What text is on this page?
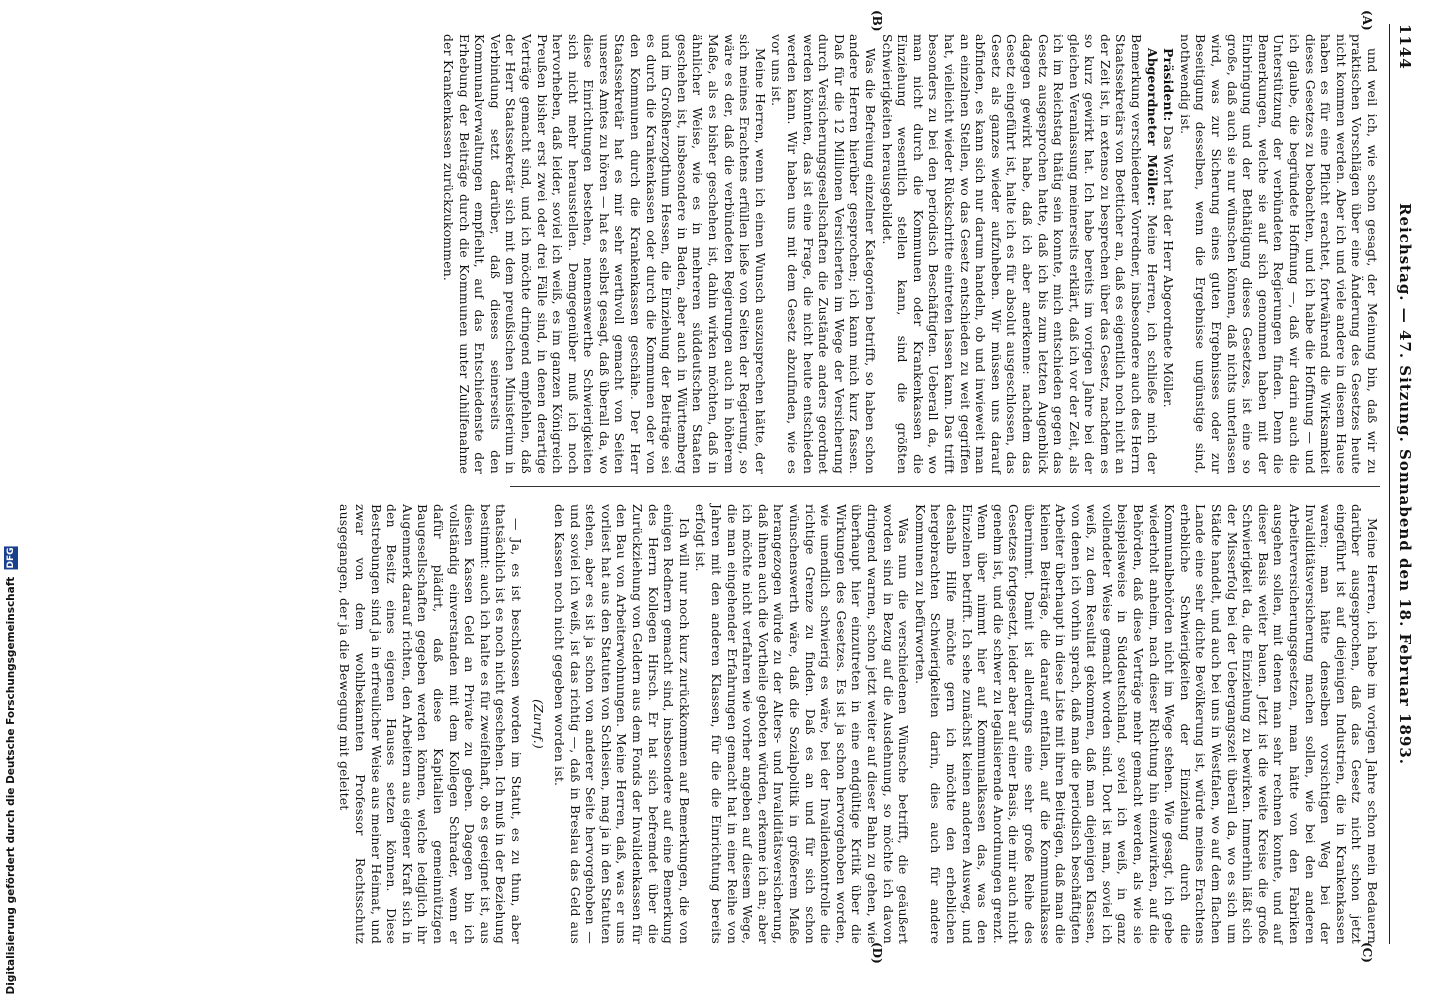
1144
Reichstag. — 47. Sitzung. Sonnabend den 18. Februar 1893.

und weil ich, wie schon gesagt, der Meinung bin, daß wir zu praktischen Vorschlägen über eine Änderung des Gesetzes heute nicht kommen werden. Aber ich und viele andere in diesem Hause haben es für eine Pflicht erachtet, fortwährend die Wirksamkeit dieses Gesetzes zu beobachten, und ich habe die Hoffnung — und ich glaube, die begründete Hoffnung —, daß wir darin auch die Unterstützung der verbündeten Regierungen finden. Denn die Bemerkungen, welche sie auf sich genommen haben mit der Einbringung und der Bethätigung dieses Gesetzes, ist eine so große, daß auch sie nur wünschen können, daß nichts unterlassen wird, was zur Sicherung eines guten Ergebnisses oder zur Beseitigung desselben, wenn die Ergebnisse ungünstige sind, nothwendig ist.

Präsident: Das Wort hat der Herr Abgeordnete Möller.

Abgeordneter Möller: Meine Herren, ich schließe mich der Bemerkung verschiedener Vorredner, insbesondere auch des Herrn Staatssekretärs von Boetticher an, daß es eigentlich noch nicht an der Zeit ist, in extenso zu besprechen über das Gesetz, nachdem es so kurz gewirkt hat. Ich habe bereits im vorigen Jahre bei der gleichen Veranlassung meinerseits erklärt, daß ich vor der Zeit, als ich im Reichstag thätig sein konnte, mich entschieden gegen das Gesetz ausgesprochen hatte, daß ich bis zum letzten Augenblick dagegen gewirkt habe, daß ich aber anerkenne: nachdem das Gesetz eingeführt ist, halte ich es für absolut ausgeschlossen, das Gesetz als ganzes wieder aufzuheben. Wir müssen uns darauf abfinden, es kann sich nur darum handeln, ob und inwieweit man an einzelnen Stellen, wo das Gesetz entschieden zu weit gegriffen hat, vielleicht wieder Rückschritte eintreten lassen kann. Das trifft besonders zu bei den periodisch Beschäftigten. Ueberall da, wo man nicht durch die Kommunen oder Krankenkassen die Einziehung wesentlich stellen kann, sind die größten Schwierigkeiten herausgebildet.

Was die Befreiung einzelner Kategorien betrifft, so haben schon andere Herren hierüber gesprochen; ich kann mich kurz fassen. Daß für die 12 Millionen Versicherten im Wege der Versicherung durch Versicherungsgesellschaften die Zustände anders geordnet werden könnten, das ist eine Frage, die nicht heute entschieden werden kann. Wir haben uns mit dem Gesetz abzufinden, wie es vor uns ist.

Meine Herren, wenn ich einen Wunsch auszusprechen hätte, der sich meines Erachtens erfüllen ließe von Seiten der Regierung, so wäre es der, daß die verbündeten Regierungen auch in höherem Maße, als es bisher geschehen ist, dahin wirken möchten, daß in ähnlicher Weise, wie es in mehreren süddeutschen Staaten geschehen ist, insbesondere in Baden, aber auch in Württemberg und im Großherzogthum Hessen, die Einziehung der Beiträge sei es durch die Krankenkassen oder durch die Kommunen oder von den Kommunen durch die Krankenkassen geschähe. Der Herr Staatssekretär hat es mir sehr werthvoll gemacht von Seiten unseres Amtes zu hören — hat es selbst gesagt, daß überall da, wo diese Einrichtungen bestehen, nennenswerthe Schwierigkeiten sich nicht mehr herausstellen. Demgegenüber muß ich noch hervorheben, daß leider, soviel ich weiß, es im ganzen Königreich Preußen bisher erst zwei oder drei Fälle sind, in denen derartige Verträge gemacht sind, und ich möchte dringend empfehlen, daß der Herr Staatssekretär sich mit dem preußischen Ministerium in Verbindung setzt darüber, daß dieses seinerseits den Kommunalverwaltungen empfiehlt, auf das Entschiedenste der Erhebung der Beiträge durch die Kommunen unter Zuhilfenahme der Krankenkassen zurückzukommen.

Meine Herren, ich habe im vorigen Jahre schon mein Bedauern darüber ausgesprochen, daß das Gesetz nicht schon jetzt eingeführt ist auf diejenigen Industrien, die in Krankenkassen waren; man hätte denselben vorsichtigen Weg bei der Invaliditätsversicherung machen sollen, wie bei den anderen Arbeiterversicherungsgesetzen, man hätte von den Fabriken ausgehen sollen, mit denen man sehr rechnen konnte, und auf dieser Basis weiter bauen. Jetzt ist die weite Kreise die große Schwierigkeit da, die Einziehung zu bewirken. Immerhin läßt sich der Misserfolg bei der Uebergangszeit überall da, wo es sich um Städte handelt, und auch bei uns in Westfalen, wo auf dem flachen Lande eine sehr dichte Bevölkerung ist, würde meines Erachtens erhebliche Schwierigkeiten der Einziehung durch die Kommunalbehörden nicht im Wege stehen. Wie gesagt, ich gebe wiederholt anheim, nach dieser Richtung hin einzuwirken, auf die Behörden, daß diese Verträge mehr gemacht werden, als wie sie beispielsweise in Süddeutschland, soviel ich weiß, in ganz vollendeter Weise gemacht worden sind. Dort ist man, soviel ich weiß, zu dem Resultat gekommen, daß man diejenigen Klassen, von denen ich vorhin sprach, daß man die periodisch beschäftigten Arbeiter überhaupt in diese Liste mit ihren Beiträgen, daß man die kleinen Beiträge, die darauf entfallen, auf die Kommunalkasse übernimmt. Damit ist allerdings eine sehr große Reihe des Gesetzes fortgesetzt, leider aber auf einer Basis, die mir auch nicht genehm ist, und die schwer zu legalisierende Anordnungen grenzt. Wenn über nimmt hier auf Kommunalkassen das, was den Einzelnen betrifft. Ich sehe zunächst keinen anderen Ausweg, und deshalb Hilfe möchte gern ich möchte den erheblichen hergebrachten Schwierigkeiten darin, dies auch für andere Kommunen zu befürworten.

Was nun die verschiedenen Wünsche betrifft, die geäußert worden sind in Bezug auf die Ausdehnung, so möchte ich davon dringend warnen, schon jetzt weiter auf dieser Bahn zu gehen, wie überhaupt hier einzutreten in eine endgültige Kritik über die Wirkungen des Gesetzes. Es ist ja schon hervorgehoben worden, wie unendlich schwierig es wäre, bei der Invalidenkontrolle die richtige Grenze zu finden. Daß es an und für sich schon wünschenswerth wäre, daß die Sozialpolitik in größerem Maße herangezogen würde zu der Alters- und Invaliditätsversicherung, daß ihnen auch die Vortheile geboten würden, erkenne ich an; aber ich möchte nicht verfahren wie vorher angeben auf diesem Wege, die man eingehender Erfahrungen gemacht hat in einer Reihe von Jahren mit den anderen Klassen, für die die Einrichtung bereits erfolgt ist.

Ich will nur noch kurz zurückkommen auf Bemerkungen, die von einigen Rednern gemacht sind, insbesondere auf eine Bemerkung des Herrn Kollegen Hirsch. Er hat sich befremdet über die Zurückziehung von Geldern aus dem Fonds der Invalidenkassen für den Bau von Arbeiterwohnungen. Meine Herren, daß, was er uns vorliest hat aus den Statuten von Schlesien, mag ja in den Statuten stehen, aber es ist ja schon von anderer Seite hervorgehoben — und soviel ich weiß, ist das richtig —, daß in Breslau das Geld aus den Kassen noch nicht gegeben worden ist.

(Zuruf.)

— Ja, es ist beschlossen worden im Statut, es zu thun, aber thatsächlich ist es noch nicht geschehen. Ich muß in der Beziehung bestimmt: auch ich halte es für zweifelhaft, ob es geeignet ist, aus diesen Kassen Geld an Private zu geben. Dagegen bin ich vollständig einverstanden mit dem Kollegen Schrader, wenn er dafür plädirt, daß diese Kapitalien gemeinnützigen Baugesellschaften gegeben werden können, welche lediglich ihr Augenmerk darauf richten, den Arbeitern aus eigener Kraft sich in den Besitz eines eigenen Hauses setzen können. Diese Bestrebungen sind ja in erfreulicher Weise aus meiner Heimat, und zwar von dem wohlbekannten Professor Rechtsschutz ausgegangen, der ja die Bewegung mit geleitet

(A)
(B)
(C)
(D)
Digitalisierung gefördert durch die Deutsche Forschungsgemeinschaft DFG
